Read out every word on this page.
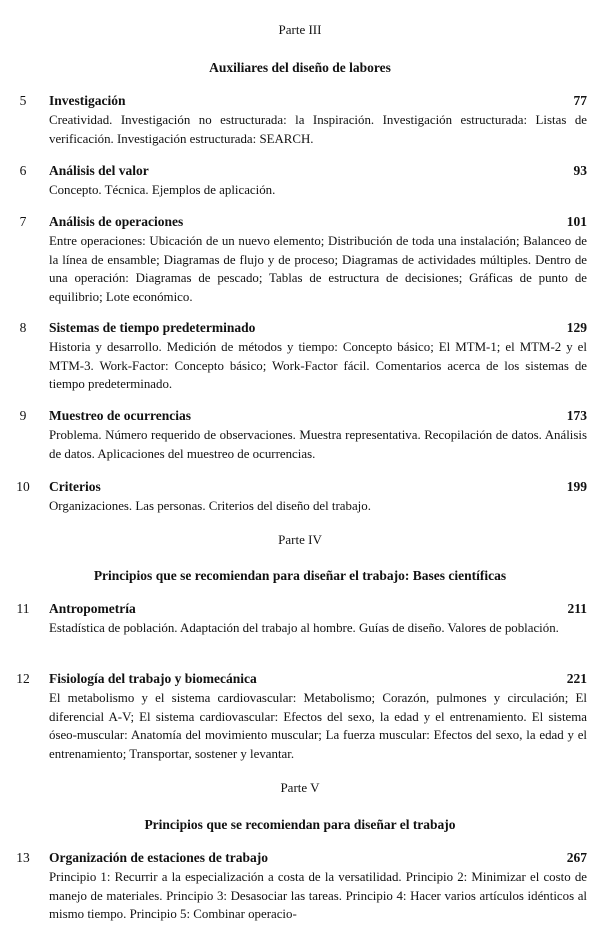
Parte III
Auxiliares del diseño de labores
5	Investigación	77
Creatividad. Investigación no estructurada: la Inspiración. Investigación estructurada: Listas de verificación. Investigación estructurada: SEARCH.
6	Análisis del valor	93
Concepto. Técnica. Ejemplos de aplicación.
7	Análisis de operaciones	101
Entre operaciones: Ubicación de un nuevo elemento; Distribución de toda una instalación; Balanceo de la línea de ensamble; Diagramas de flujo y de proceso; Diagramas de actividades múltiples. Dentro de una operación: Diagramas de pescado; Tablas de estructura de decisiones; Gráficas de punto de equilibrio; Lote económico.
8	Sistemas de tiempo predeterminado	129
Historia y desarrollo. Medición de métodos y tiempo: Concepto básico; El MTM-1; el MTM-2 y el MTM-3. Work-Factor: Concepto básico; Work-Factor fácil. Comentarios acerca de los sistemas de tiempo predeterminado.
9	Muestreo de ocurrencias	173
Problema. Número requerido de observaciones. Muestra representativa. Recopilación de datos. Análisis de datos. Aplicaciones del muestreo de ocurrencias.
10	Criterios	199
Organizaciones. Las personas. Criterios del diseño del trabajo.
Parte IV
Principios que se recomiendan para diseñar el trabajo: Bases científicas
11	Antropometría	211
Estadística de población. Adaptación del trabajo al hombre. Guías de diseño. Valores de población.
12	Fisiología del trabajo y biomecánica	221
El metabolismo y el sistema cardiovascular: Metabolismo; Corazón, pulmones y circulación; El diferencial A-V; El sistema cardiovascular: Efectos del sexo, la edad y el entrenamiento. El sistema óseo-muscular: Anatomía del movimiento muscular; La fuerza muscular: Efectos del sexo, la edad y el entrenamiento; Transportar, sostener y levantar.
Parte V
Principios que se recomiendan para diseñar el trabajo
13	Organización de estaciones de trabajo	267
Principio 1: Recurrir a la especialización a costa de la versatilidad. Principio 2: Minimizar el costo de manejo de materiales. Principio 3: Desasociar las tareas. Principio 4: Hacer varios artículos idénticos al mismo tiempo. Principio 5: Combinar operacio-
